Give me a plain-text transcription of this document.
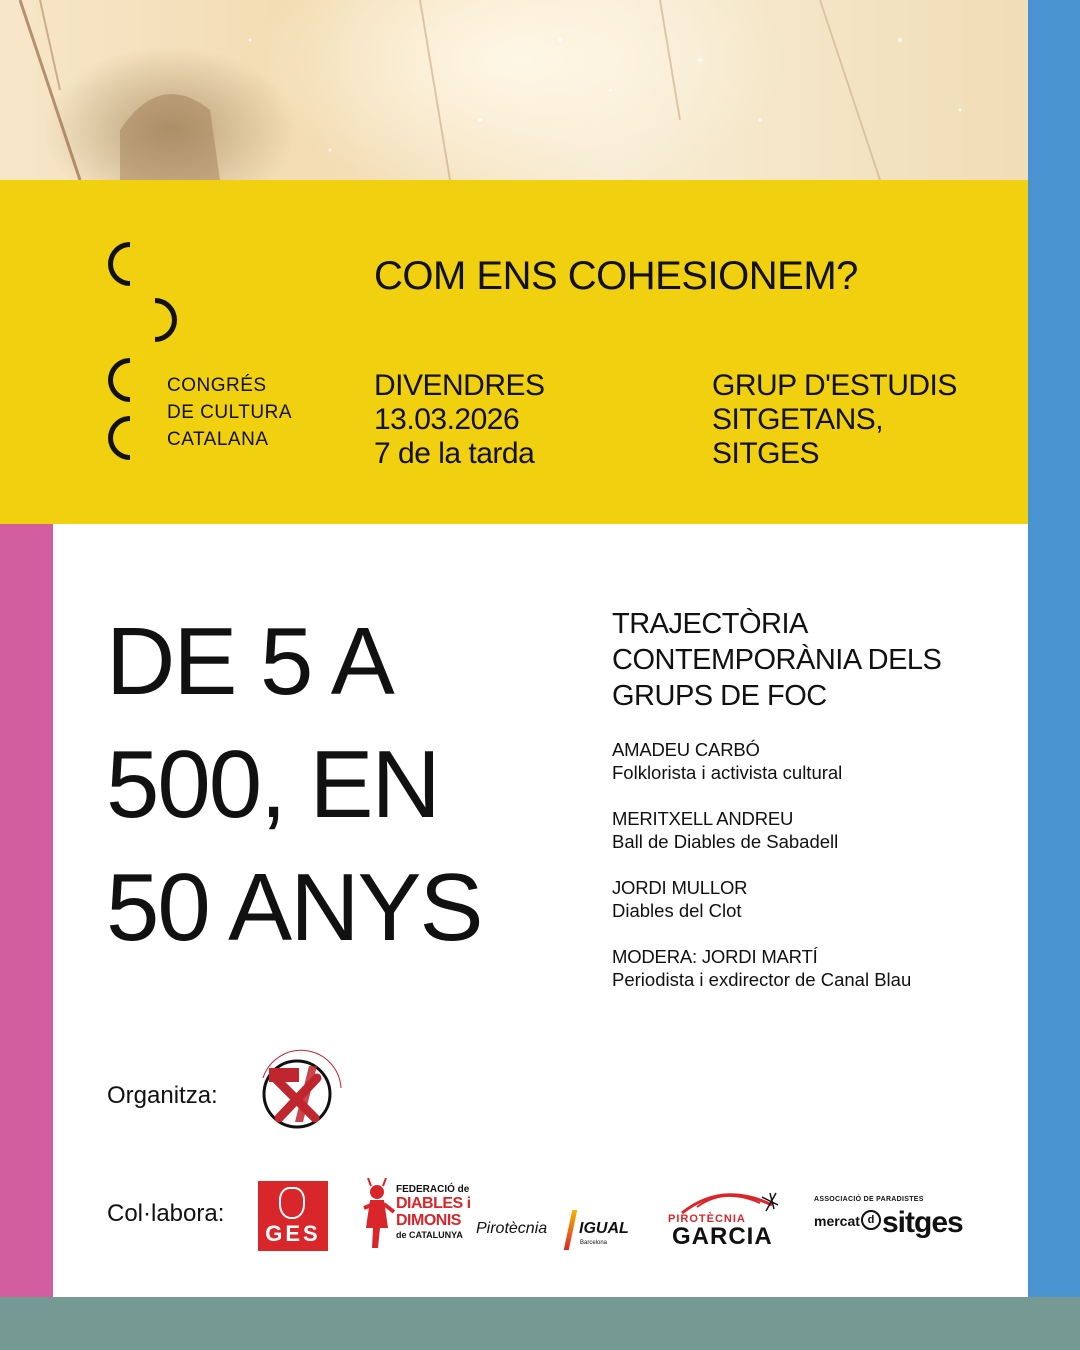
CONGRÉS
DE CULTURA
CATALANA
COM ENS COHESIONEM?
DIVENDRES
13.03.2026
7 de la tarda
GRUP D'ESTUDIS
SITGETANS,
SITGES
DE 5 A
500, EN
50 ANYS
TRAJECTÒRIA
CONTEMPORÀNIA DELS
GRUPS DE FOC
AMADEU CARBÓ
Folklorista i activista cultural
MERITXELL ANDREU
Ball de Diables de Sabadell
JORDI MULLOR
Diables del Clot
MODERA: JORDI MARTÍ
Periodista i exdirector de Canal Blau
Organitza:
Col·labora:
GES
FEDERACIÓ de
DIABLES i
DIMONIS
de CATALUNYA Pirotècnia IGUAL
Barcelona
PIROTÈCNIA
GARCIA
ASSOCIACIÓ DE PARADISTES
mercat d sitges
